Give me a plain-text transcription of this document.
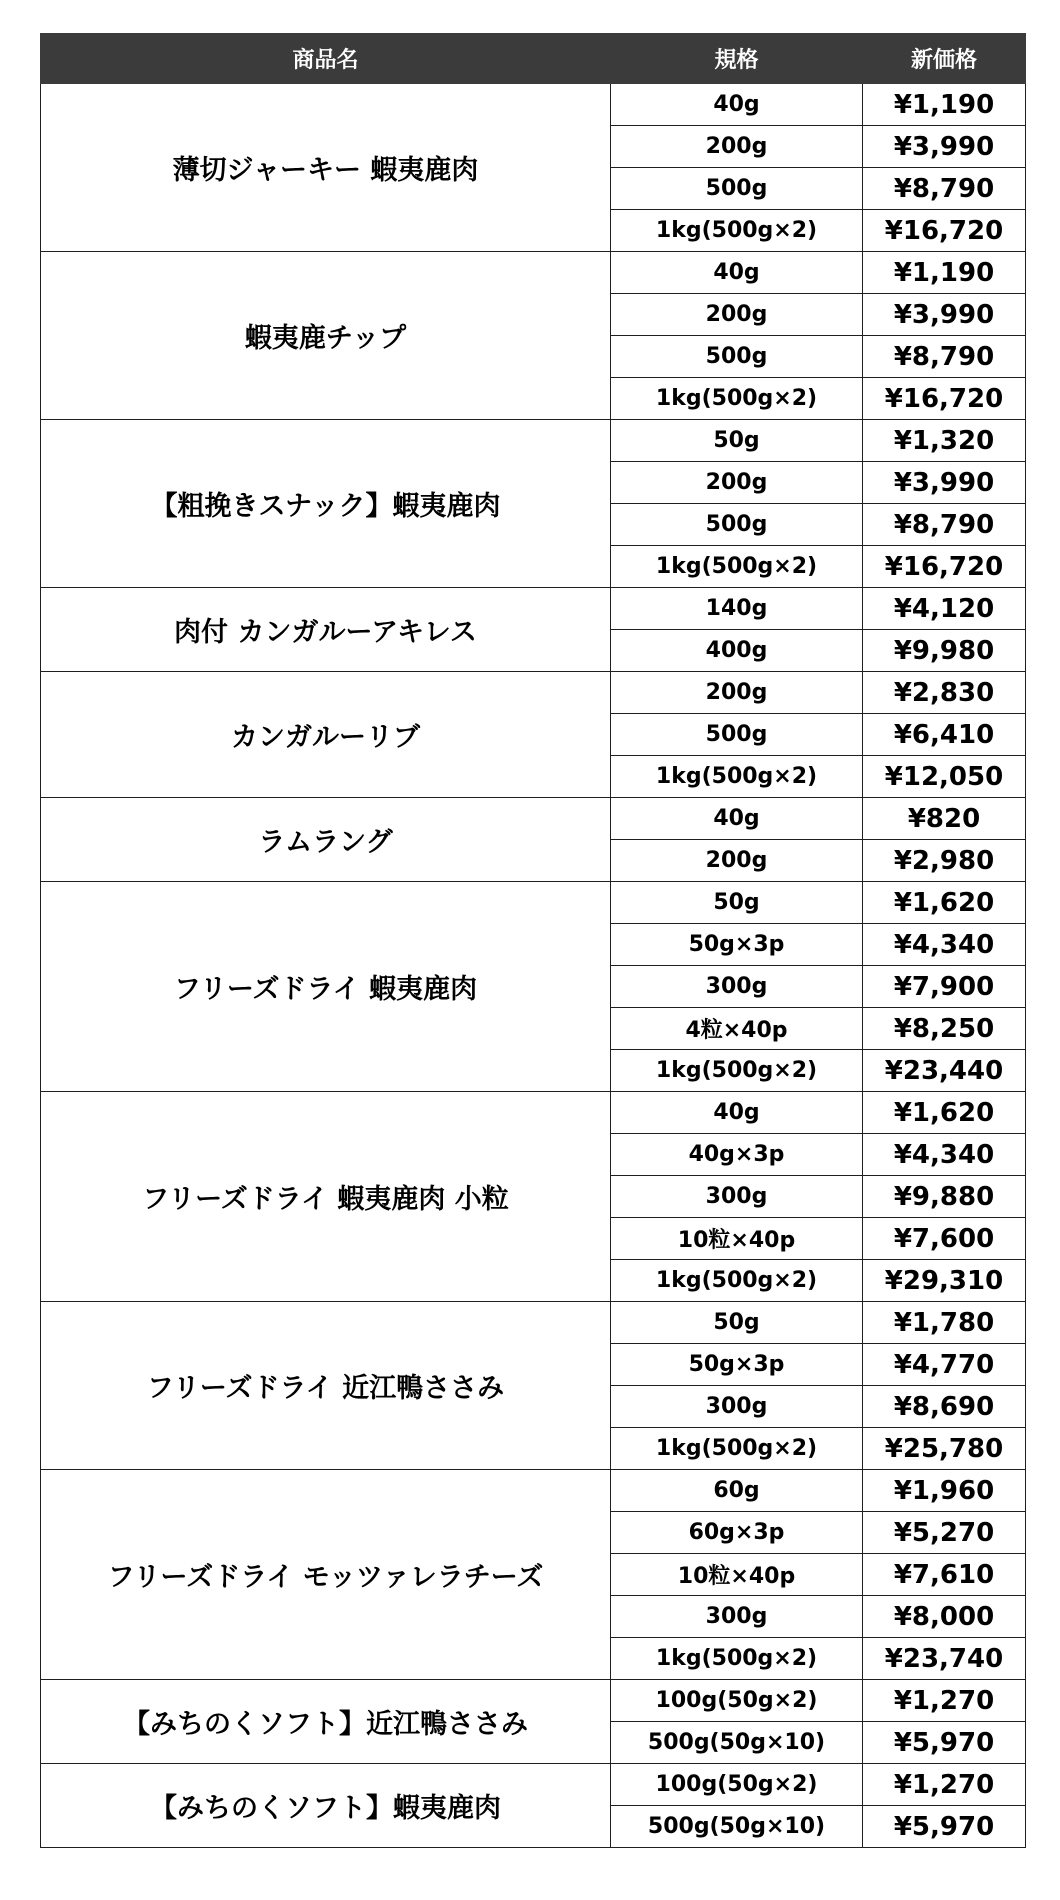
商品名	規格	新価格
薄切ジャーキー 蝦夷鹿肉	40g	¥1,190
	200g	¥3,990
	500g	¥8,790
	1kg(500g×2)	¥16,720
蝦夷鹿チップ	40g	¥1,190
	200g	¥3,990
	500g	¥8,790
	1kg(500g×2)	¥16,720
【粗挽きスナック】蝦夷鹿肉	50g	¥1,320
	200g	¥3,990
	500g	¥8,790
	1kg(500g×2)	¥16,720
肉付 カンガルーアキレス	140g	¥4,120
	400g	¥9,980
カンガルーリブ	200g	¥2,830
	500g	¥6,410
	1kg(500g×2)	¥12,050
ラムラング	40g	¥820
	200g	¥2,980
フリーズドライ 蝦夷鹿肉	50g	¥1,620
	50g×3p	¥4,340
	300g	¥7,900
	4粒×40p	¥8,250
	1kg(500g×2)	¥23,440
フリーズドライ 蝦夷鹿肉 小粒	40g	¥1,620
	40g×3p	¥4,340
	300g	¥9,880
	10粒×40p	¥7,600
	1kg(500g×2)	¥29,310
フリーズドライ 近江鴨ささみ	50g	¥1,780
	50g×3p	¥4,770
	300g	¥8,690
	1kg(500g×2)	¥25,780
フリーズドライ モッツァレラチーズ	60g	¥1,960
	60g×3p	¥5,270
	10粒×40p	¥7,610
	300g	¥8,000
	1kg(500g×2)	¥23,740
【みちのくソフト】近江鴨ささみ	100g(50g×2)	¥1,270
	500g(50g×10)	¥5,970
【みちのくソフト】蝦夷鹿肉	100g(50g×2)	¥1,270
	500g(50g×10)	¥5,970
